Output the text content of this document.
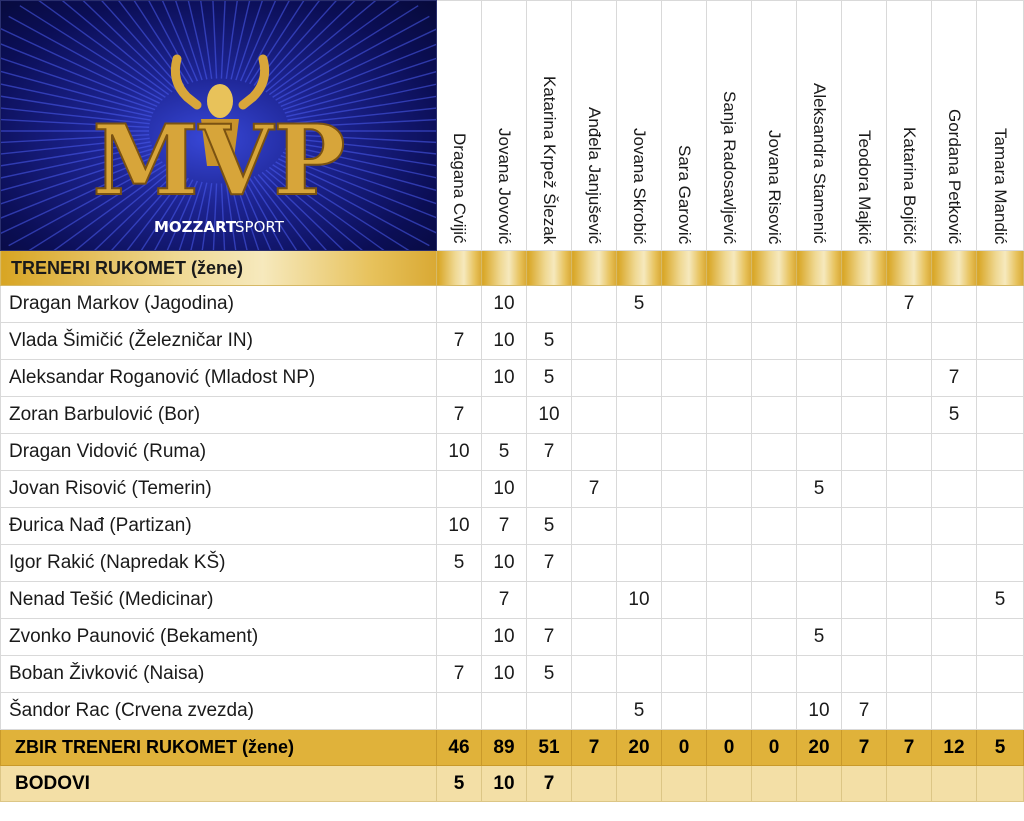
MVP
MOZZART
SPORT	Dragana Cvijić	Jovana Jovović	Katarina Krpež Šlezak	Anđela Janjušević	Jovana Skrobić	Sara Garović	Sanja Radosavljević	Jovana Risović	Aleksandra Stamenić	Teodora Majkić	Katarina Bojičić	Gordana Petković	Tamara Mandić

TRENERI RUKOMET (žene)													
Dragan Markov (Jagodina)		10			5						7		
Vlada Šimičić (Železničar IN)	7	10	5										
Aleksandar Roganović (Mladost NP)		10	5									7	
Zoran Barbulović (Bor)	7		10									5	
Dragan Vidović (Ruma)	10	5	7										
Jovan Risović (Temerin)		10		7					5				
Đurica Nađ (Partizan)	10	7	5										
Igor Rakić (Napredak KŠ)	5	10	7										
Nenad Tešić (Medicinar)		7			10								5
Zvonko Paunović (Bekament)		10	7						5				
Boban Živković (Naisa)	7	10	5										
Šandor Rac (Crvena zvezda)					5				10	7			
ZBIR TRENERI RUKOMET (žene)	46	89	51	7	20	0	0	0	20	7	7	12	5
BODOVI	5	10	7										
